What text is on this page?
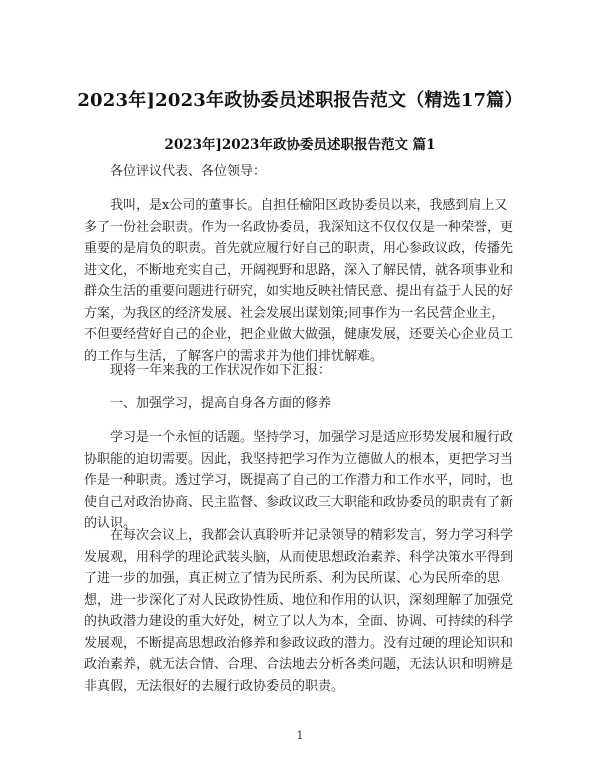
2023年]2023年政协委员述职报告范文（精选17篇）
2023年]2023年政协委员述职报告范文 篇1

各位评议代表、各位领导：

我叫，是x公司的董事长。自担任榆阳区政协委员以来，我感到肩上又多了一份社会职责。作为一名政协委员，我深知这不仅仅仅是一种荣誉，更重要的是肩负的职责。首先就应履行好自己的职责，用心参政议政，传播先进文化，不断地充实自己，开阔视野和思路，深入了解民情，就各项事业和群众生活的重要问题进行研究，如实地反映社情民意、提出有益于人民的好方案，为我区的经济发展、社会发展出谋划策;同事作为一名民营企业主，不但要经营好自己的企业，把企业做大做强，健康发展，还要关心企业员工的工作与生活，了解客户的需求并为他们排忧解难。

现将一年来我的工作状况作如下汇报：

一、加强学习，提高自身各方面的修养

学习是一个永恒的话题。坚持学习，加强学习是适应形势发展和履行政协职能的迫切需要。因此，我坚持把学习作为立德做人的根本，更把学习当作是一种职责。透过学习，既提高了自己的工作潜力和工作水平，同时，也使自己对政治协商、民主监督、参政议政三大职能和政协委员的职责有了新的认识。

在每次会议上，我都会认真聆听并记录领导的精彩发言，努力学习科学发展观，用科学的理论武装头脑，从而使思想政治素养、科学决策水平得到了进一步的加强，真正树立了情为民所系、利为民所谋、心为民所牵的思想，进一步深化了对人民政协性质、地位和作用的认识，深刻理解了加强党的执政潜力建设的重大好处，树立了以人为本，全面、协调、可持续的科学发展观，不断提高思想政治修养和参政议政的潜力。没有过硬的理论知识和政治素养，就无法合情、合理、合法地去分析各类问题，无法认识和明辨是非真假，无法很好的去履行政协委员的职责。

1
